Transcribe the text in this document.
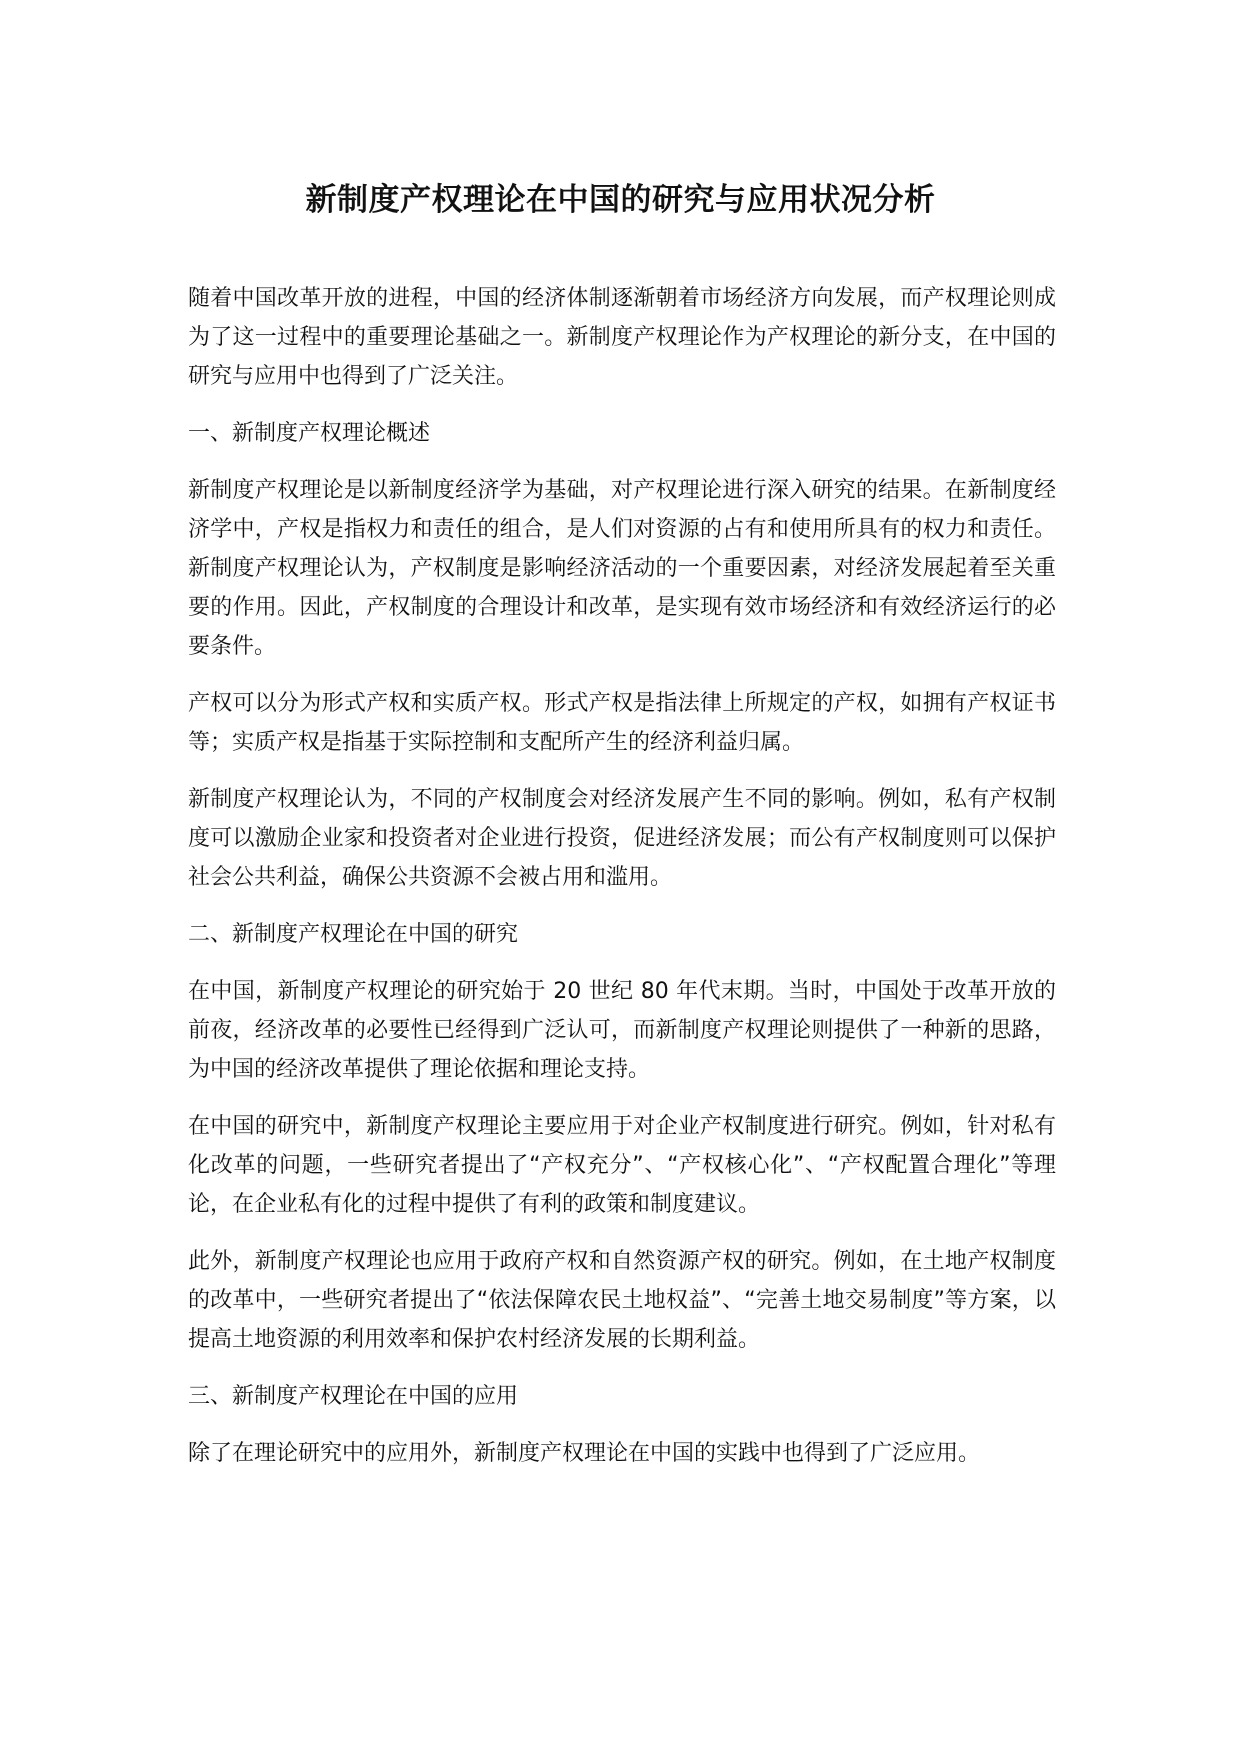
新制度产权理论在中国的研究与应用状况分析

随着中国改革开放的进程，中国的经济体制逐渐朝着市场经济方向发展，而产权理论则成为了这一过程中的重要理论基础之一。新制度产权理论作为产权理论的新分支，在中国的研究与应用中也得到了广泛关注。

一、新制度产权理论概述

新制度产权理论是以新制度经济学为基础，对产权理论进行深入研究的结果。在新制度经济学中，产权是指权力和责任的组合，是人们对资源的占有和使用所具有的权力和责任。新制度产权理论认为，产权制度是影响经济活动的一个重要因素，对经济发展起着至关重要的作用。因此，产权制度的合理设计和改革，是实现有效市场经济和有效经济运行的必要条件。

产权可以分为形式产权和实质产权。形式产权是指法律上所规定的产权，如拥有产权证书等；实质产权是指基于实际控制和支配所产生的经济利益归属。

新制度产权理论认为，不同的产权制度会对经济发展产生不同的影响。例如，私有产权制度可以激励企业家和投资者对企业进行投资，促进经济发展；而公有产权制度则可以保护社会公共利益，确保公共资源不会被占用和滥用。

二、新制度产权理论在中国的研究

在中国，新制度产权理论的研究始于 20 世纪 80 年代末期。当时，中国处于改革开放的前夜，经济改革的必要性已经得到广泛认可，而新制度产权理论则提供了一种新的思路，为中国的经济改革提供了理论依据和理论支持。

在中国的研究中，新制度产权理论主要应用于对企业产权制度进行研究。例如，针对私有化改革的问题，一些研究者提出了“产权充分”、“产权核心化”、“产权配置合理化”等理论，在企业私有化的过程中提供了有利的政策和制度建议。

此外，新制度产权理论也应用于政府产权和自然资源产权的研究。例如，在土地产权制度的改革中，一些研究者提出了“依法保障农民土地权益”、“完善土地交易制度”等方案，以提高土地资源的利用效率和保护农村经济发展的长期利益。

三、新制度产权理论在中国的应用

除了在理论研究中的应用外，新制度产权理论在中国的实践中也得到了广泛应用。
